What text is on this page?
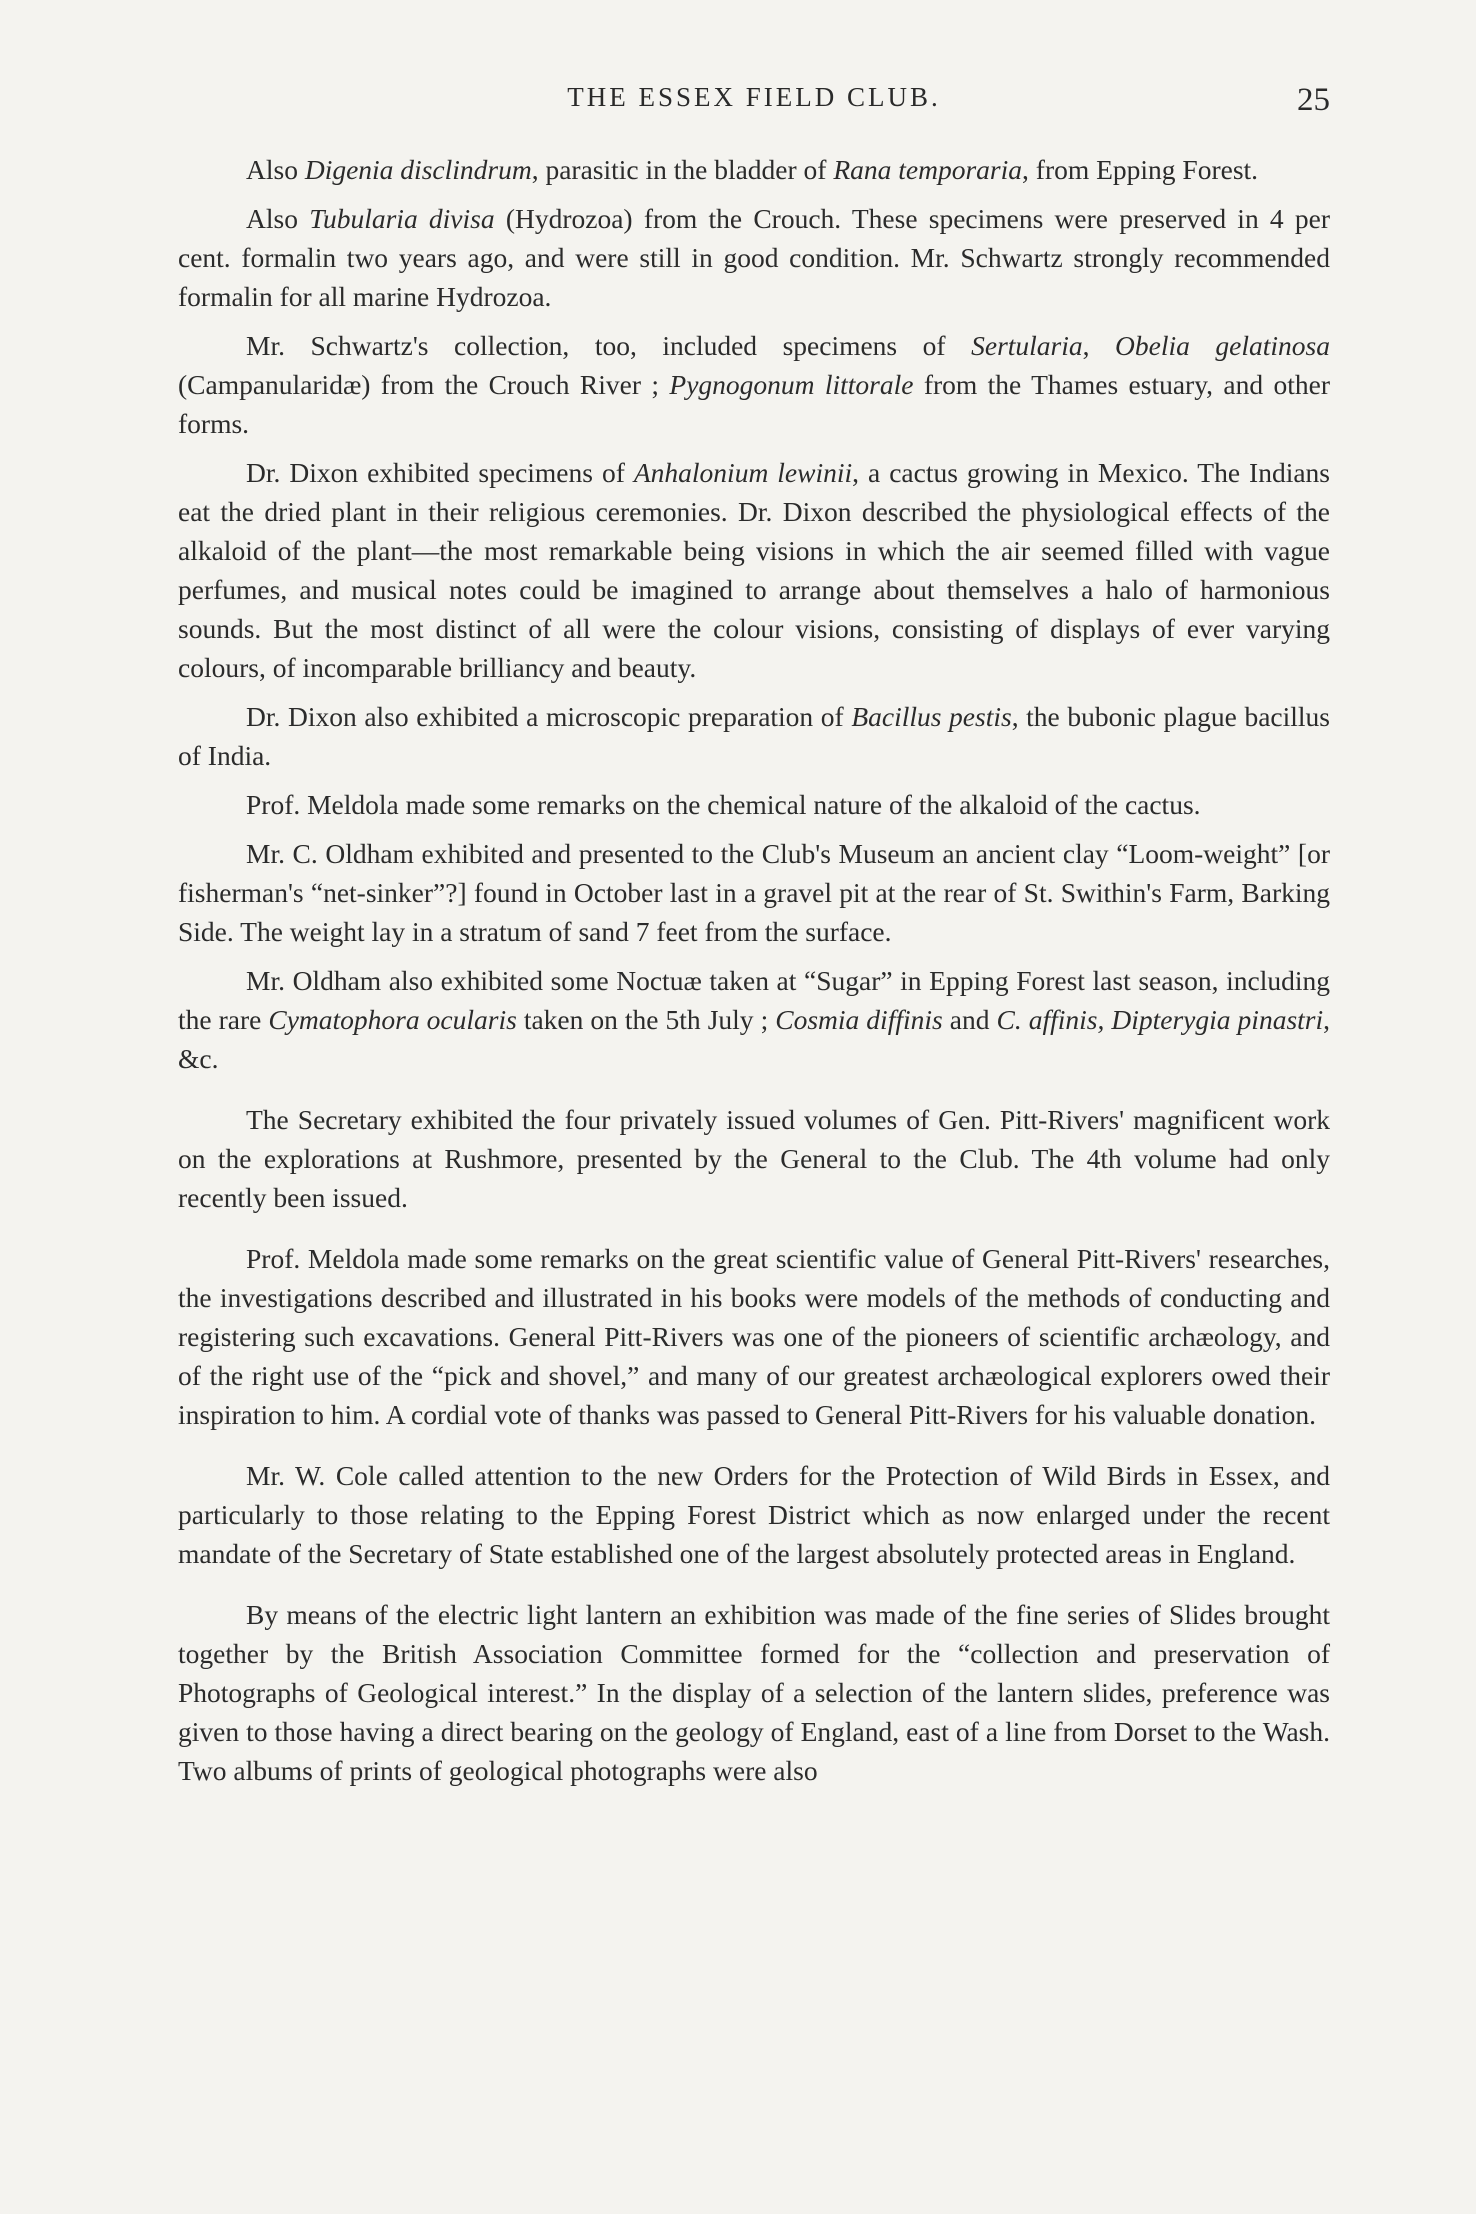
THE ESSEX FIELD CLUB.	25

Also Digenia disclindrum, parasitic in the bladder of Rana temporaria, from Epping Forest.

Also Tubularia divisa (Hydrozoa) from the Crouch. These specimens were preserved in 4 per cent. formalin two years ago, and were still in good condition. Mr. Schwartz strongly recommended formalin for all marine Hydrozoa.

Mr. Schwartz's collection, too, included specimens of Sertularia, Obelia gelatinosa (Campanularidæ) from the Crouch River ; Pygnogonum littorale from the Thames estuary, and other forms.

Dr. Dixon exhibited specimens of Anhalonium lewinii, a cactus growing in Mexico. The Indians eat the dried plant in their religious ceremonies. Dr. Dixon described the physiological effects of the alkaloid of the plant—the most remarkable being visions in which the air seemed filled with vague perfumes, and musical notes could be imagined to arrange about themselves a halo of harmonious sounds. But the most distinct of all were the colour visions, consisting of displays of ever varying colours, of incomparable brilliancy and beauty.

Dr. Dixon also exhibited a microscopic preparation of Bacillus pestis, the bubonic plague bacillus of India.

Prof. Meldola made some remarks on the chemical nature of the alkaloid of the cactus.

Mr. C. Oldham exhibited and presented to the Club's Museum an ancient clay “Loom-weight” [or fisherman's “net-sinker”?] found in October last in a gravel pit at the rear of St. Swithin's Farm, Barking Side. The weight lay in a stratum of sand 7 feet from the surface.

Mr. Oldham also exhibited some Noctuæ taken at “Sugar” in Epping Forest last season, including the rare Cymatophora ocularis taken on the 5th July ; Cosmia diffinis and C. affinis, Dipterygia pinastri, &c.

The Secretary exhibited the four privately issued volumes of Gen. Pitt-Rivers' magnificent work on the explorations at Rushmore, presented by the General to the Club. The 4th volume had only recently been issued.

Prof. Meldola made some remarks on the great scientific value of General Pitt-Rivers' researches, the investigations described and illustrated in his books were models of the methods of conducting and registering such excavations. General Pitt-Rivers was one of the pioneers of scientific archæology, and of the right use of the “pick and shovel,” and many of our greatest archæological explorers owed their inspiration to him. A cordial vote of thanks was passed to General Pitt-Rivers for his valuable donation.

Mr. W. Cole called attention to the new Orders for the Protection of Wild Birds in Essex, and particularly to those relating to the Epping Forest District which as now enlarged under the recent mandate of the Secretary of State established one of the largest absolutely protected areas in England.

By means of the electric light lantern an exhibition was made of the fine series of Slides brought together by the British Association Committee formed for the “collection and preservation of Photographs of Geological interest.” In the display of a selection of the lantern slides, preference was given to those having a direct bearing on the geology of England, east of a line from Dorset to the Wash. Two albums of prints of geological photographs were also
